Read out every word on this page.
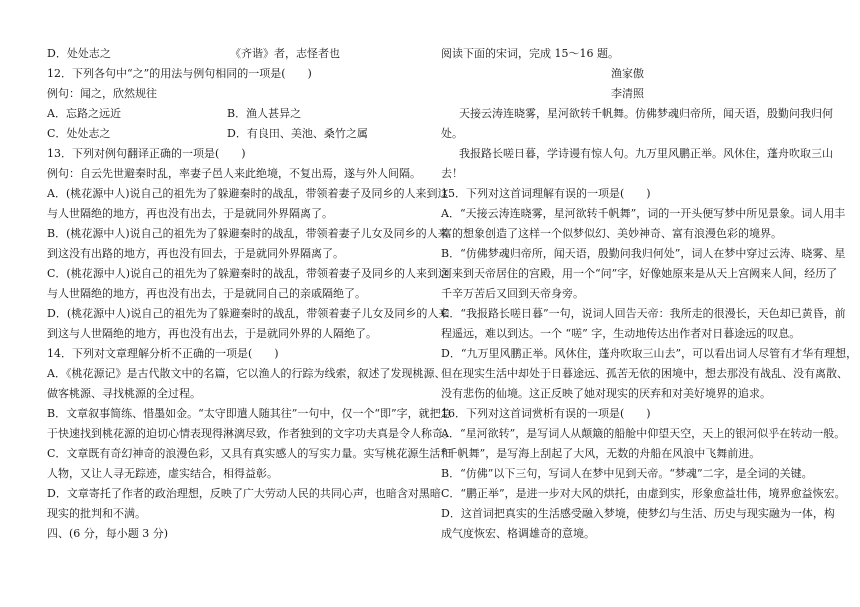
D．处处志之	《齐谐》者，志怪者也
12．下列各句中“之”的用法与例句相同的一项是(　　)
例句：闻之，欣然规往
A．忘路之远近	B．渔人甚异之
C．处处志之	D．有良田、美池、桑竹之属
13．下列对例句翻译正确的一项是(　　)
例句：自云先世避秦时乱，率妻子邑人来此绝境，不复出焉，遂与外人间隔。
A．(桃花源中人)说自己的祖先为了躲避秦时的战乱，带领着妻子及同乡的人来到这
与人世隔绝的地方，再也没有出去，于是就同外界隔离了。
B．(桃花源中人)说自己的祖先为了躲避秦时的战乱，带领着妻子儿女及同乡的人来
到这没有出路的地方，再也没有回去，于是就同外界隔离了。
C．(桃花源中人)说自己的祖先为了躲避秦时的战乱，带领着妻子及同乡的人来到这
与人世隔绝的地方，再也没有出去，于是就同自己的亲戚隔绝了。
D．(桃花源中人)说自己的祖先为了躲避秦时的战乱，带领着妻子儿女及同乡的人来
到这与人世隔绝的地方，再也没有出去，于是就同外界的人隔绝了。
14．下列对文章理解分析不正确的一项是(　　)
A．《桃花源记》是古代散文中的名篇，它以渔人的行踪为线索，叙述了发现桃源、
做客桃源、寻找桃源的全过程。
B．文章叙事简练、惜墨如金。“太守即遣人随其往”一句中，仅一个“即”字，就把急
于快速找到桃花源的迫切心情表现得淋漓尽致，作者独到的文字功夫真是令人称奇。
C．文章既有奇幻神奇的浪漫色彩，又具有真实感人的写实力量。实写桃花源生活和
人物，又让人寻无踪迹，虚实结合，相得益彰。
D．文章寄托了作者的政治理想，反映了广大劳动人民的共同心声，也暗含对黑暗
现实的批判和不满。
四、(6 分，每小题 3 分)
阅读下面的宋词，完成 15～16 题。
渔家傲
李清照
天接云涛连晓雾，星河欲转千帆舞。仿佛梦魂归帝所，闻天语，殷勤问我归何
处。
我报路长嗟日暮，学诗谩有惊人句。九万里风鹏正举。风休住，蓬舟吹取三山
去！
15．下列对这首词理解有误的一项是(　　)
A．“天接云涛连晓雾，星河欲转千帆舞”，词的一开头便写梦中所见景象。词人用丰
富的想象创造了这样一个似梦似幻、美妙神奇、富有浪漫色彩的境界。
B．“仿佛梦魂归帝所，闻天语，殷勤问我归何处”，词人在梦中穿过云涛、晓雾、星
河来到天帝居住的宫殿，用一个“问”字，好像她原来是从天上宫阙来人间，经历了
千辛万苦后又回到天帝身旁。
C．“我报路长嗟日暮”一句，说词人回告天帝：我所走的很漫长，天色却已黄昏，前
程遥远，难以到达。一个 “嗟” 字，生动地传达出作者对日暮途远的叹息。
D．“九万里风鹏正举。风休住，蓬舟吹取三山去”，可以看出词人尽管有才华有理想，
但在现实生活中却处于日暮途远、孤苦无依的困境中，想去那没有战乱、没有离散、
没有悲伤的仙境。这正反映了她对现实的厌弃和对美好境界的追求。
16．下列对这首词赏析有误的一项是(　　)
A．“星河欲转”，是写词人从颠簸的船舱中仰望天空，天上的银河似乎在转动一般。
“千帆舞”，是写海上刮起了大风，无数的舟船在风浪中飞舞前进。
B．“仿佛”以下三句，写词人在梦中见到天帝。“梦魂”二字，是全词的关键。
C．“鹏正举”，是进一步对大风的烘托，由虚到实，形象愈益壮伟，境界愈益恢宏。
D．这首词把真实的生活感受融入梦境，使梦幻与生活、历史与现实融为一体，构
成气度恢宏、格调雄奇的意境。
